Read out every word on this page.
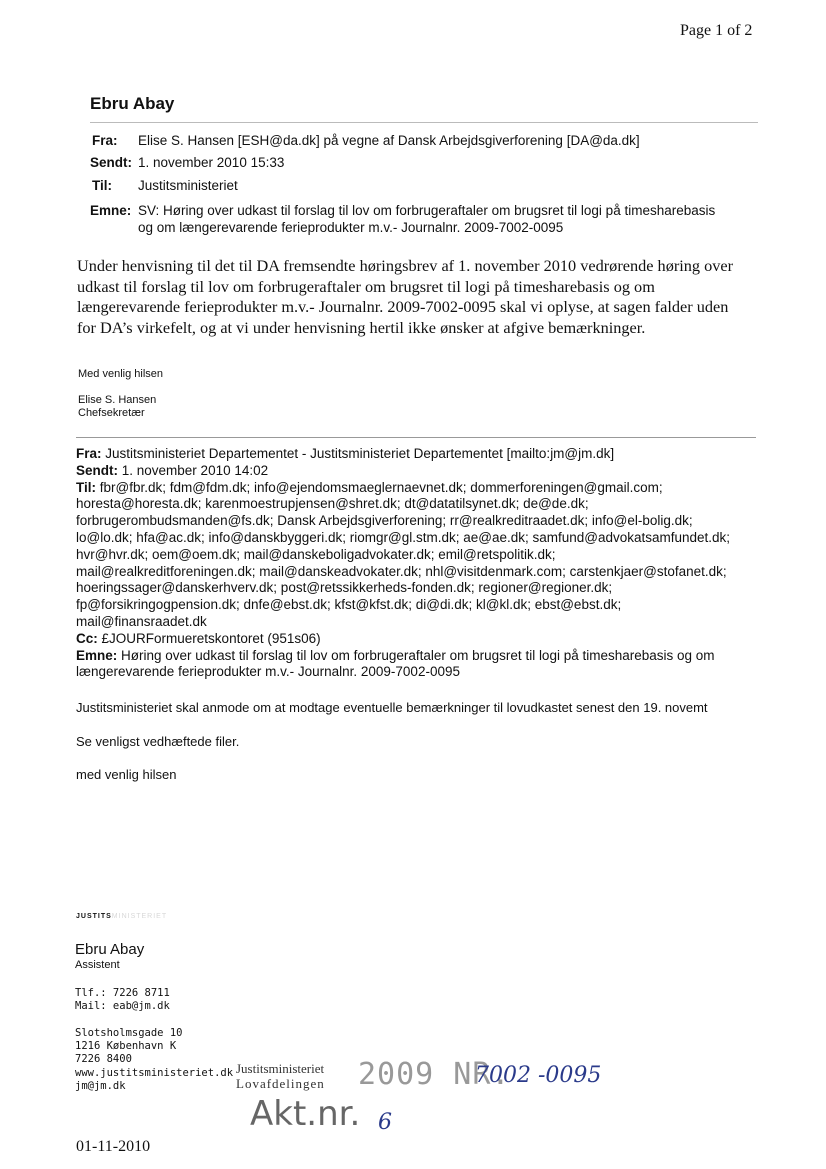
Page 1 of 2
Ebru Abay
Fra: Elise S. Hansen [ESH@da.dk] på vegne af Dansk Arbejdsgiverforening [DA@da.dk]
Sendt: 1. november 2010 15:33
Til: Justitsministeriet
Emne: SV: Høring over udkast til forslag til lov om forbrugeraftaler om brugsret til logi på timesharebasis
og om længerevarende ferieprodukter m.v.- Journalnr. 2009-7002-0095
Under henvisning til det til DA fremsendte høringsbrev af 1. november 2010 vedrørende høring over
udkast til forslag til lov om forbrugeraftaler om brugsret til logi på timesharebasis og om
længerevarende ferieprodukter m.v.- Journalnr. 2009-7002-0095 skal vi oplyse, at sagen falder uden
for DA’s virkefelt, og at vi under henvisning hertil ikke ønsker at afgive bemærkninger.
Med venlig hilsen
Elise S. Hansen
Chefsekretær
Fra: Justitsministeriet Departementet - Justitsministeriet Departementet [mailto:jm@jm.dk]
Sendt: 1. november 2010 14:02
Til: fbr@fbr.dk; fdm@fdm.dk; info@ejendomsmaeglernaevnet.dk; dommerforeningen@gmail.com;
horesta@horesta.dk; karenmoestrupjensen@shret.dk; dt@datatilsynet.dk; de@de.dk;
forbrugerombudsmanden@fs.dk; Dansk Arbejdsgiverforening; rr@realkreditraadet.dk; info@el-bolig.dk;
lo@lo.dk; hfa@ac.dk; info@danskbyggeri.dk; riomgr@gl.stm.dk; ae@ae.dk; samfund@advokatsamfundet.dk;
hvr@hvr.dk; oem@oem.dk; mail@danskeboligadvokater.dk; emil@retspolitik.dk;
mail@realkreditforeningen.dk; mail@danskeadvokater.dk; nhl@visitdenmark.com; carstenkjaer@stofanet.dk;
hoeringssager@danskerhverv.dk; post@retssikkerheds-fonden.dk; regioner@regioner.dk;
fp@forsikringogpension.dk; dnfe@ebst.dk; kfst@kfst.dk; di@di.dk; kl@kl.dk; ebst@ebst.dk;
mail@finansraadet.dk
Cc: £JOURFormueretskontoret (951s06)
Emne: Høring over udkast til forslag til lov om forbrugeraftaler om brugsret til logi på timesharebasis og om
længerevarende ferieprodukter m.v.- Journalnr. 2009-7002-0095
Justitsministeriet skal anmode om at modtage eventuelle bemærkninger til lovudkastet senest den 19. novemt
Se venligst vedhæftede filer.
med venlig hilsen
JUSTITSMINISTERIET
Ebru Abay
Assistent
Tlf.: 7226 8711
Mail: eab@jm.dk
Slotsholmsgade 10
1216 København K
7226 8400
www.justitsministeriet.dk
jm@jm.dk
Justitsministeriet
Lovafdelingen 2009 NR.
7002 -0095
Akt.nr. 6
01-11-2010
